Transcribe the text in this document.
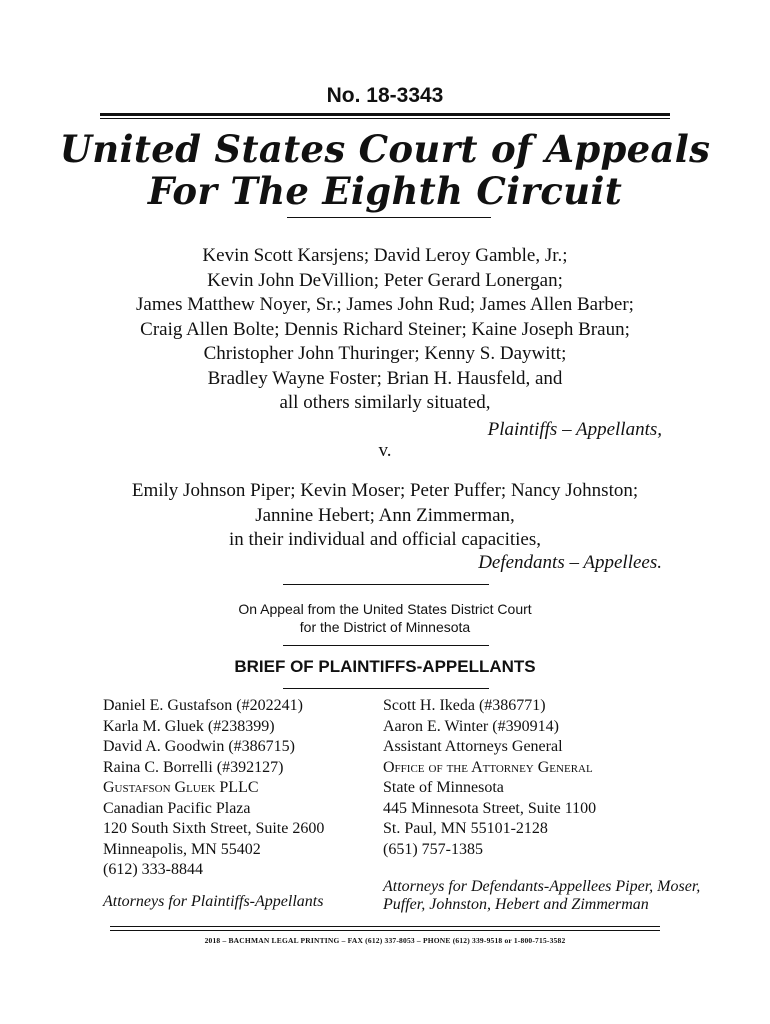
No. 18-3343
United States Court of Appeals
For The Eighth Circuit
Kevin Scott Karsjens; David Leroy Gamble, Jr.;
Kevin John DeVillion; Peter Gerard Lonergan;
James Matthew Noyer, Sr.; James John Rud; James Allen Barber;
Craig Allen Bolte; Dennis Richard Steiner; Kaine Joseph Braun;
Christopher John Thuringer; Kenny S. Daywitt;
Bradley Wayne Foster; Brian H. Hausfeld, and
all others similarly situated,
Plaintiffs – Appellants,
v.
Emily Johnson Piper; Kevin Moser; Peter Puffer; Nancy Johnston;
Jannine Hebert; Ann Zimmerman,
in their individual and official capacities,
Defendants – Appellees.
On Appeal from the United States District Court
for the District of Minnesota
BRIEF OF PLAINTIFFS-APPELLANTS
Daniel E. Gustafson (#202241)
Karla M. Gluek (#238399)
David A. Goodwin (#386715)
Raina C. Borrelli (#392127)
Gustafson Gluek PLLC
Canadian Pacific Plaza
120 South Sixth Street, Suite 2600
Minneapolis, MN 55402
(612) 333-8844
Attorneys for Plaintiffs-Appellants
Scott H. Ikeda (#386771)
Aaron E. Winter (#390914)
Assistant Attorneys General
Office of the Attorney General
State of Minnesota
445 Minnesota Street, Suite 1100
St. Paul, MN 55101-2128
(651) 757-1385
Attorneys for Defendants-Appellees Piper, Moser,
Puffer, Johnston, Hebert and Zimmerman
2018 – BACHMAN LEGAL PRINTING – FAX (612) 337-8053 – PHONE (612) 339-9518 or 1-800-715-3582
